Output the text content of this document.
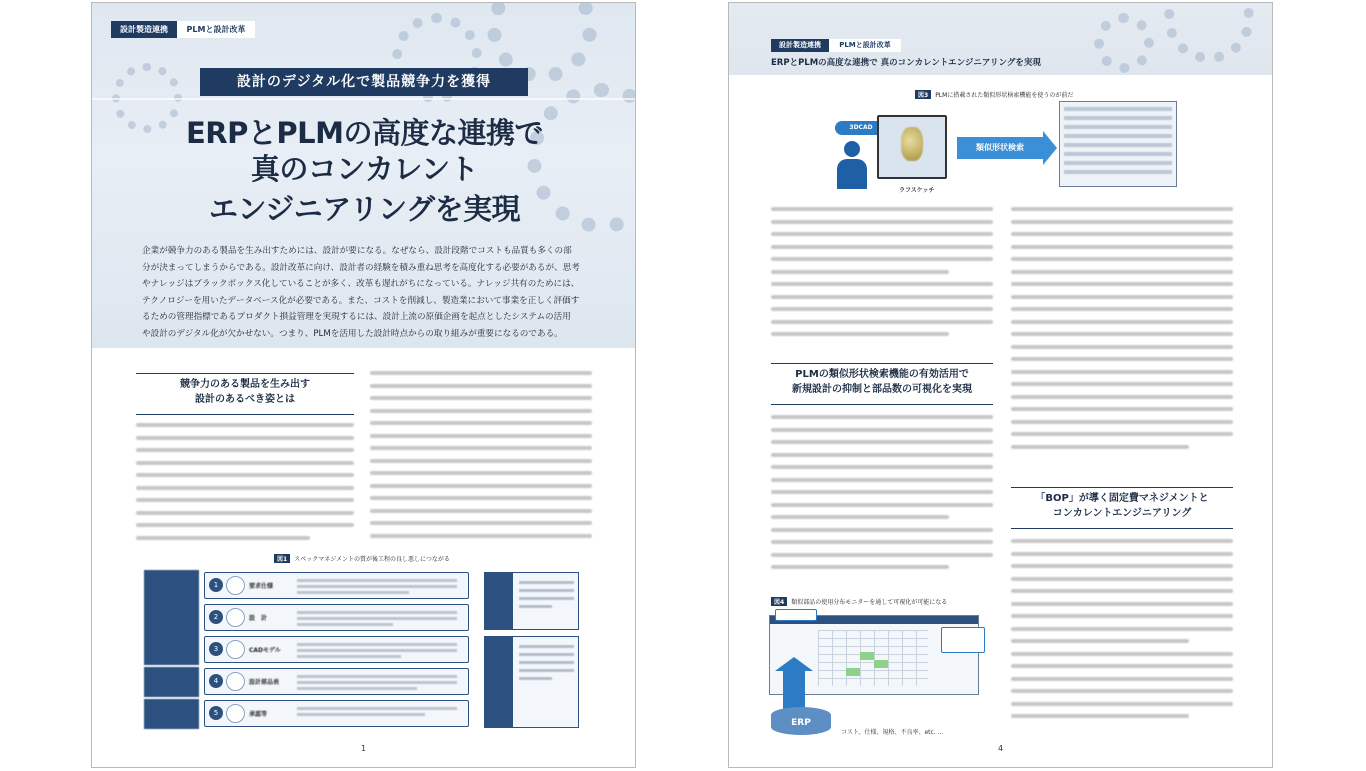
設計製造連携	PLMと設計改革
設計のデジタル化で製品競争力を獲得
ERPとPLMの高度な連携で
真のコンカレント
エンジニアリングを実現
企業が競争力のある製品を生み出すためには、設計が要になる。なぜなら、設計段階でコストも品質も多くの部
分が決まってしまうからである。設計改革に向け、設計者の経験を積み重ね思考を高度化する必要があるが、思考
やナレッジはブラックボックス化していることが多く、改革も遅れがちになっている。ナレッジ共有のためには、
テクノロジーを用いたデータベース化が必要である。また、コストを削減し、製造業において事業を正しく評価す
るための管理指標であるプロダクト損益管理を実現するには、設計上流の原価企画を起点としたシステムの活用
や設計のデジタル化が欠かせない。つまり、PLMを活用した設計時点からの取り組みが重要になるのである。
競争力のある製品を生み出す
設計のあるべき姿とは
図1 スペックマネジメントの質が後工程の良し悪しにつながる
1	要求仕様
2	設　計
3	CADモデル
4	設計部品表
5	承認等
1
設計製造連携	PLMと設計改革
ERPとPLMの高度な連携で 真のコンカレントエンジニアリングを実現
図3 PLMに搭載された類似形状検索機能を使うのが前だ
3DCAD
ラフスケッチ
類似形状検索
PLMの類似形状検索機能の有効活用で
新規設計の抑制と部品数の可視化を実現
図4 類似部品の使用分布モニターを通して可視化が可能になる
ERP
コスト、仕様、規格、不良率、etc. ...
「BOP」が導く固定費マネジメントと
コンカレントエンジニアリング
4
